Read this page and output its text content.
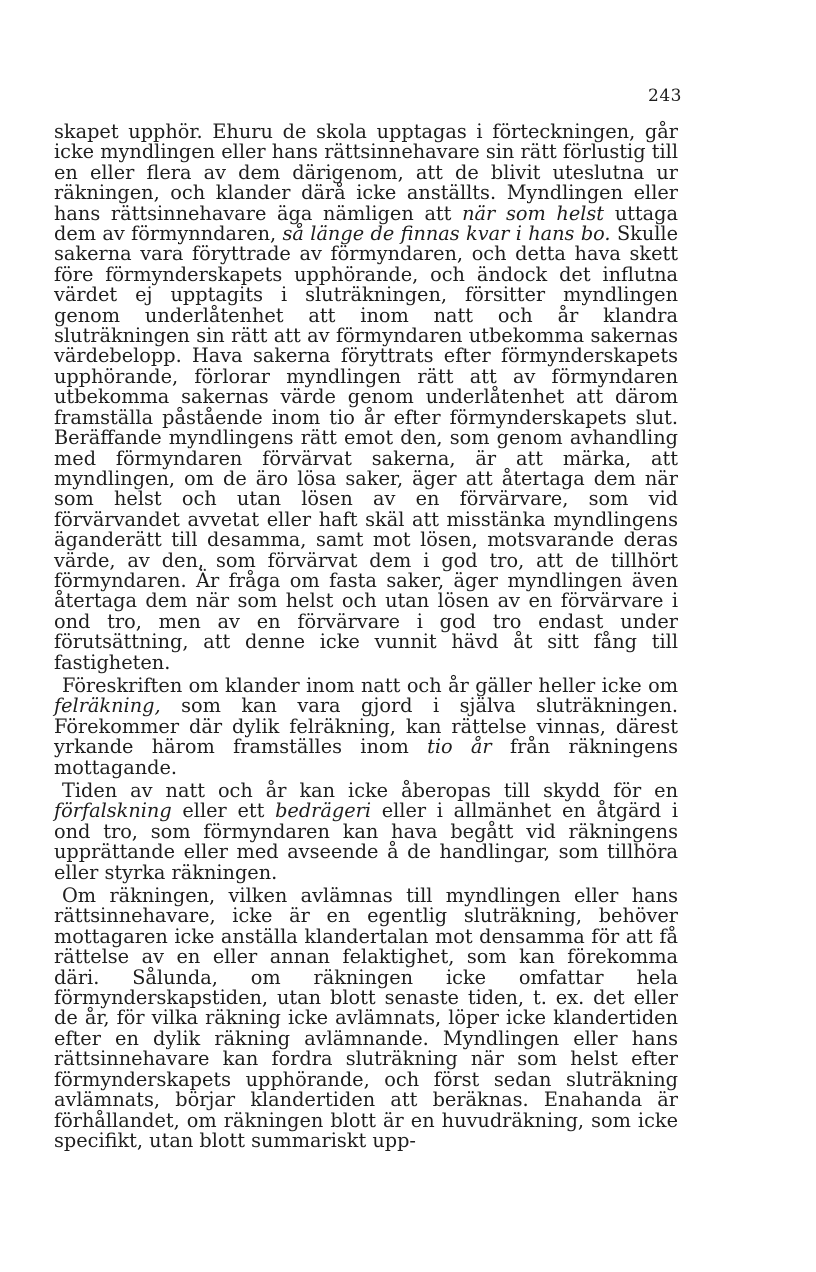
243

skapet upphör. Ehuru de skola upptagas i förteckningen, går icke myndlingen eller hans rättsinnehavare sin rätt förlustig till en eller flera av dem därigenom, att de blivit uteslutna ur räkningen, och klander därå icke anställts. Myndlingen eller hans rättsinnehavare äga nämligen att när som helst uttaga dem av förmynndaren, så länge de finnas kvar i hans bo. Skulle sakerna vara föryttrade av förmyndaren, och detta hava skett före förmynderskapets upphörande, och ändock det influtna värdet ej upptagits i sluträkningen, försitter myndlingen genom underlåtenhet att inom natt och år klandra sluträkningen sin rätt att av förmyndaren utbekomma sakernas värdebelopp. Hava sakerna föryttrats efter förmynderskapets upphörande, förlorar myndlingen rätt att av förmyndaren utbekomma sakernas värde genom underlåtenhet att därom framställa påstående inom tio år efter förmynderskapets slut. Beräffande myndlingens rätt emot den, som genom avhandling med förmyndaren förvärvat sakerna, är att märka, att myndlingen, om de äro lösa saker, äger att återtaga dem när som helst och utan lösen av en förvärvare, som vid förvärvandet avvetat eller haft skäl att misstänka myndlingens äganderätt till desamma, samt mot lösen, motsvarande deras värde, av den, som förvärvat dem i god tro, att de tillhört förmyndaren. Är fråga om fasta saker, äger myndlingen även återtaga dem när som helst och utan lösen av en förvärvare i ond tro, men av en förvärvare i god tro endast under förutsättning, att denne icke vunnit hävd åt sitt fång till fastigheten.

Föreskriften om klander inom natt och år gäller heller icke om felräkning, som kan vara gjord i själva sluträkningen. Förekommer där dylik felräkning, kan rättelse vinnas, därest yrkande härom framställes inom tio år från räkningens mottagande.

Tiden av natt och år kan icke åberopas till skydd för en förfalskning eller ett bedrägeri eller i allmänhet en åtgärd i ond tro, som förmyndaren kan hava begått vid räkningens upprättande eller med avseende å de handlingar, som tillhöra eller styrka räkningen.

Om räkningen, vilken avlämnas till myndlingen eller hans rättsinnehavare, icke är en egentlig sluträkning, behöver mottagaren icke anställa klandertalan mot densamma för att få rättelse av en eller annan felaktighet, som kan förekomma däri. Sålunda, om räkningen icke omfattar hela förmynderskapstiden, utan blott senaste tiden, t. ex. det eller de år, för vilka räkning icke avlämnats, löper icke klandertiden efter en dylik räkning avlämnande. Myndlingen eller hans rättsinnehavare kan fordra sluträkning när som helst efter förmynderskapets upphörande, och först sedan sluträkning avlämnats, börjar klandertiden att beräknas. Enahanda är förhållandet, om räkningen blott är en huvudräkning, som icke specifikt, utan blott summariskt upp-
